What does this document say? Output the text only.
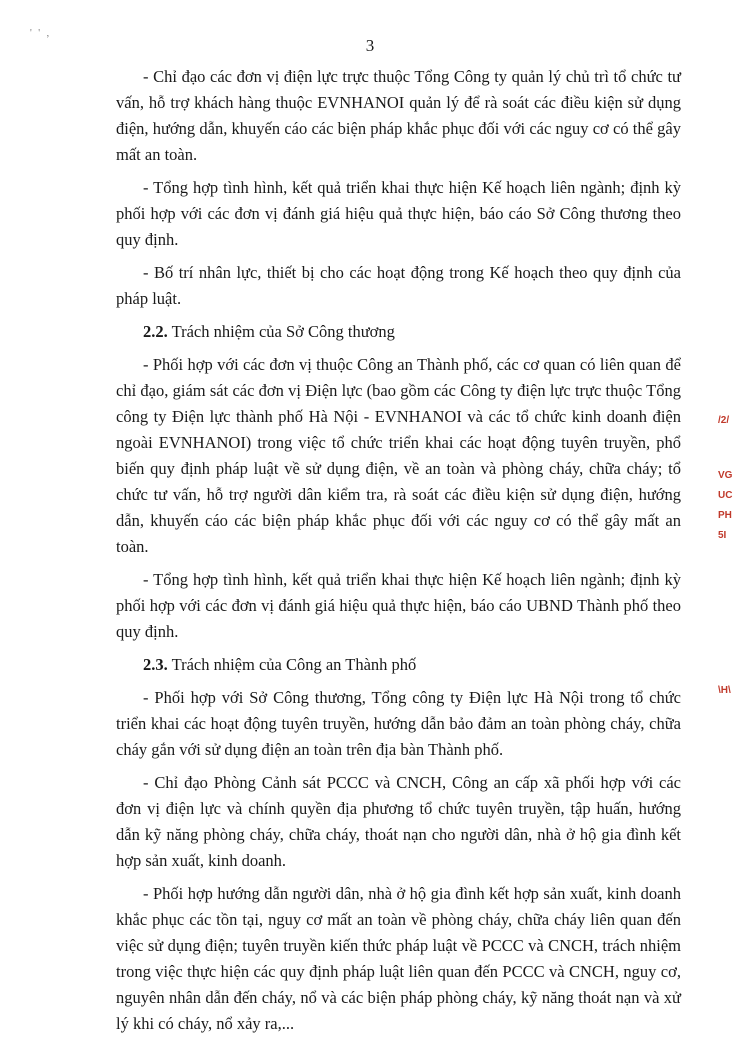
' ' ,
3

- Chỉ đạo các đơn vị điện lực trực thuộc Tổng Công ty quản lý chủ trì tổ chức tư vấn, hỗ trợ khách hàng thuộc EVNHANOI quản lý để rà soát các điều kiện sử dụng điện, hướng dẫn, khuyến cáo các biện pháp khắc phục đối với các nguy cơ có thể gây mất an toàn.

- Tổng hợp tình hình, kết quả triển khai thực hiện Kế hoạch liên ngành; định kỳ phối hợp với các đơn vị đánh giá hiệu quả thực hiện, báo cáo Sở Công thương theo quy định.

- Bố trí nhân lực, thiết bị cho các hoạt động trong Kế hoạch theo quy định của pháp luật.

2.2. Trách nhiệm của Sở Công thương

- Phối hợp với các đơn vị thuộc Công an Thành phố, các cơ quan có liên quan để chỉ đạo, giám sát các đơn vị Điện lực (bao gồm các Công ty điện lực trực thuộc Tổng công ty Điện lực thành phố Hà Nội - EVNHANOI và các tổ chức kinh doanh điện ngoài EVNHANOI) trong việc tổ chức triển khai các hoạt động tuyên truyền, phổ biến quy định pháp luật về sử dụng điện, về an toàn và phòng cháy, chữa cháy; tổ chức tư vấn, hỗ trợ người dân kiểm tra, rà soát các điều kiện sử dụng điện, hướng dẫn, khuyến cáo các biện pháp khắc phục đối với các nguy cơ có thể gây mất an toàn.

- Tổng hợp tình hình, kết quả triển khai thực hiện Kế hoạch liên ngành; định kỳ phối hợp với các đơn vị đánh giá hiệu quả thực hiện, báo cáo UBND Thành phố theo quy định.

2.3. Trách nhiệm của Công an Thành phố

- Phối hợp với Sở Công thương, Tổng công ty Điện lực Hà Nội trong tổ chức triển khai các hoạt động tuyên truyền, hướng dẫn bảo đảm an toàn phòng cháy, chữa cháy gắn với sử dụng điện an toàn trên địa bàn Thành phố.

- Chỉ đạo Phòng Cảnh sát PCCC và CNCH, Công an cấp xã phối hợp với các đơn vị điện lực và chính quyền địa phương tổ chức tuyên truyền, tập huấn, hướng dẫn kỹ năng phòng cháy, chữa cháy, thoát nạn cho người dân, nhà ở hộ gia đình kết hợp sản xuất, kinh doanh.

- Phối hợp hướng dẫn người dân, nhà ở hộ gia đình kết hợp sản xuất, kinh doanh khắc phục các tồn tại, nguy cơ mất an toàn về phòng cháy, chữa cháy liên quan đến việc sử dụng điện; tuyên truyền kiến thức pháp luật về PCCC và CNCH, trách nhiệm trong việc thực hiện các quy định pháp luật liên quan đến PCCC và CNCH, nguy cơ, nguyên nhân dẫn đến cháy, nổ và các biện pháp phòng cháy, kỹ năng thoát nạn và xử lý khi có cháy, nổ xảy ra,...

/2/
VG
UC
PH
5I
\H\
